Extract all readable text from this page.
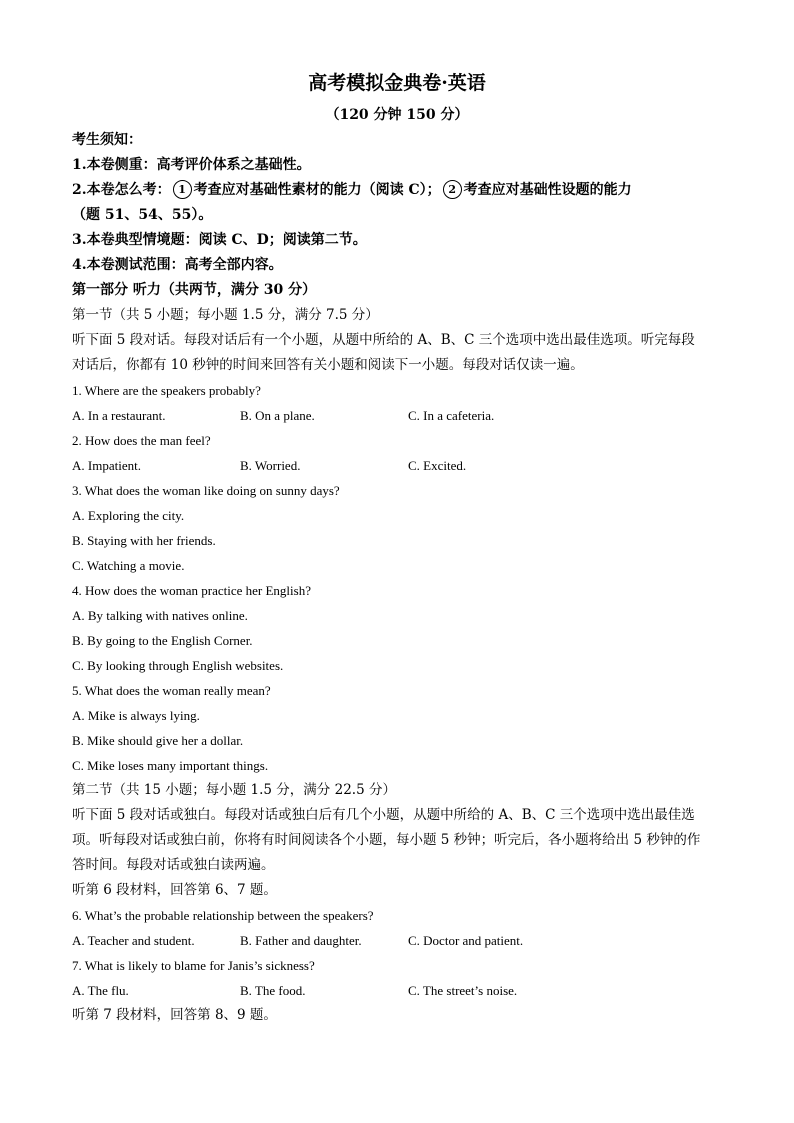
高考模拟金典卷·英语
（120 分钟 150 分）
考生须知：
1.本卷侧重：高考评价体系之基础性。
2.本卷怎么考： 1 考查应对基础性素材的能力（阅读 C）； 2 考查应对基础性设题的能力
（题 51、54、55）。
3.本卷典型情境题：阅读 C、D；阅读第二节。
4.本卷测试范围：高考全部内容。
第一部分 听力（共两节，满分 30 分）
第一节（共 5 小题；每小题 1.5 分，满分 7.5 分）
听下面 5 段对话。每段对话后有一个小题，从题中所给的 A、B、C 三个选项中选出最佳选项。听完每段
对话后，你都有 10 秒钟的时间来回答有关小题和阅读下一小题。每段对话仅读一遍。
1. Where are the speakers probably?
A. In a restaurant.	B. On a plane.	C. In a cafeteria.
2. How does the man feel?
A. Impatient.	B. Worried.	C. Excited.
3. What does the woman like doing on sunny days?
A. Exploring the city.
B. Staying with her friends.
C. Watching a movie.
4. How does the woman practice her English?
A. By talking with natives online.
B. By going to the English Corner.
C. By looking through English websites.
5. What does the woman really mean?
A. Mike is always lying.
B. Mike should give her a dollar.
C. Mike loses many important things.
第二节（共 15 小题；每小题 1.5 分，满分 22.5 分）
听下面 5 段对话或独白。每段对话或独白后有几个小题，从题中所给的 A、B、C 三个选项中选出最佳选
项。听每段对话或独白前，你将有时间阅读各个小题，每小题 5 秒钟；听完后，各小题将给出 5 秒钟的作
答时间。每段对话或独白读两遍。
听第 6 段材料，回答第 6、7 题。
6. What’s the probable relationship between the speakers?
A. Teacher and student.	B. Father and daughter.	C. Doctor and patient.
7. What is likely to blame for Janis’s sickness?
A. The flu.	B. The food.	C. The street’s noise.
听第 7 段材料，回答第 8、9 题。
